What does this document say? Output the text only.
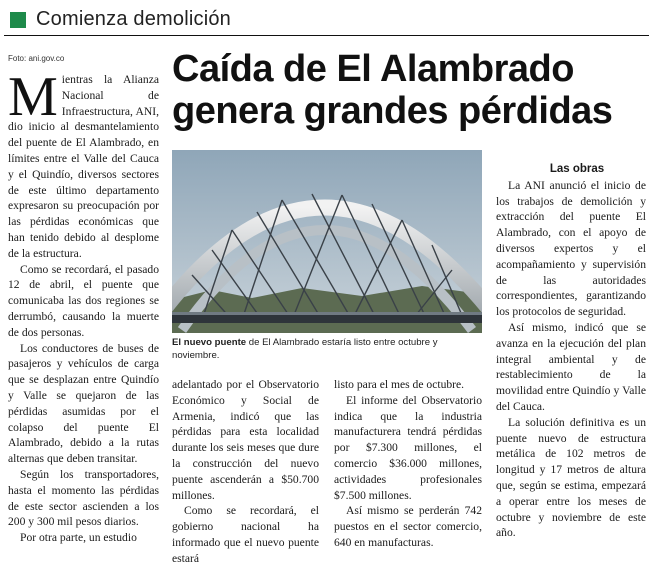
Comienza demolición
Foto: ani.gov.co	Caída de El Alambrado
genera grandes pérdidas

Mientras la Alianza Nacional de Infraestructura, ANI, dio inicio al desmantelamiento del puente de El Alambrado, en límites entre el Valle del Cauca y el Quindío, diversos sectores de este último departamento expresaron su preocupación por las pérdidas económicas que han tenido debido al desplome de la estructura.

Como se recordará, el pasado 12 de abril, el puente que comunicaba las dos regiones se derrumbó, causando la muerte de dos personas.

Los conductores de buses de pasajeros y vehículos de carga que se desplazan entre Quindío y Valle se quejaron de las pérdidas asumidas por el colapso del puente El Alambrado, debido a la rutas alternas que deben transitar.

Según los transportadores, hasta el momento las pérdidas de este sector ascienden a los 200 y 300 mil pesos diarios.

Por otra parte, un estudio

El nuevo puente de El Alambrado estaría listo entre octubre y noviembre.

adelantado por el Observatorio Económico y Social de Armenia, indicó que las pérdidas para esta localidad durante los seis meses que dure la construcción del nuevo puente ascenderán a $50.700 millones.

Como se recordará, el gobierno nacional ha informado que el nuevo puente estará

listo para el mes de octubre.

El informe del Observatorio indica que la industria manufacturera tendrá pérdidas por $7.300 millones, el comercio $36.000 millones, actividades profesionales $7.500 millones.

Así mismo se perderán 742 puestos en el sector comercio, 640 en manufacturas.

Las obras

La ANI anunció el inicio de los trabajos de demolición y extracción del puente El Alambrado, con el apoyo de diversos expertos y el acompañamiento y supervisión de las autoridades correspondientes, garantizando los protocolos de seguridad.

Así mismo, indicó que se avanza en la ejecución del plan integral ambiental y de restablecimiento de la movilidad entre Quindío y Valle del Cauca.

La solución definitiva es un puente nuevo de estructura metálica de 102 metros de longitud y 17 metros de altura que, según se estima, empezará a operar entre los meses de octubre y noviembre de este año.
